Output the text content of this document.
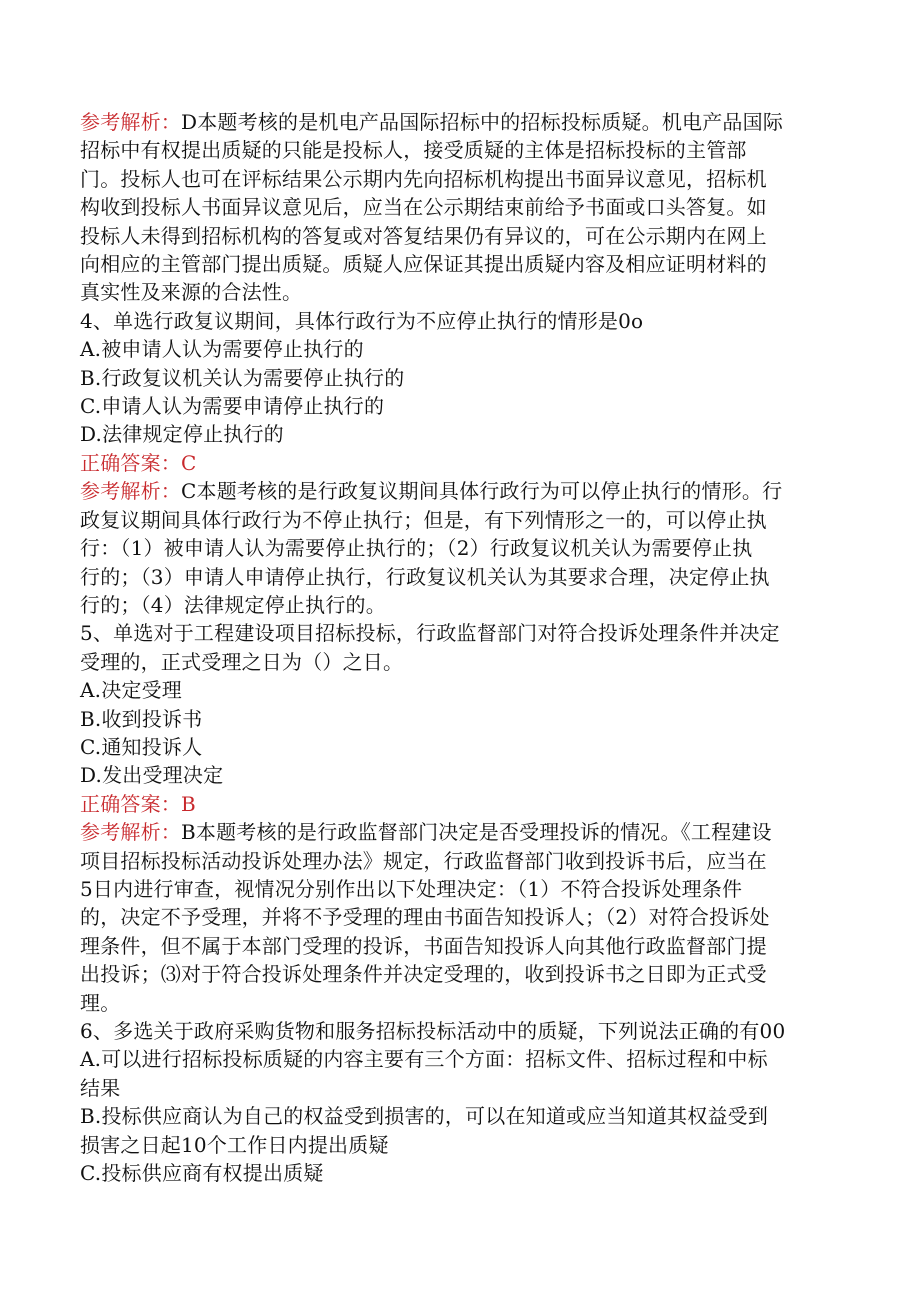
参考解析：D本题考核的是机电产品国际招标中的招标投标质疑。机电产品国际
招标中有权提出质疑的只能是投标人，接受质疑的主体是招标投标的主管部
门。投标人也可在评标结果公示期内先向招标机构提出书面异议意见，招标机
构收到投标人书面异议意见后，应当在公示期结束前给予书面或口头答复。如
投标人未得到招标机构的答复或对答复结果仍有异议的，可在公示期内在网上
向相应的主管部门提出质疑。质疑人应保证其提出质疑内容及相应证明材料的
真实性及来源的合法性。
4、单选行政复议期间，具体行政行为不应停止执行的情形是0o
A.被申请人认为需要停止执行的
B.行政复议机关认为需要停止执行的
C.申请人认为需要申请停止执行的
D.法律规定停止执行的
正确答案：C
参考解析：C本题考核的是行政复议期间具体行政行为可以停止执行的情形。行
政复议期间具体行政行为不停止执行；但是，有下列情形之一的，可以停止执
行：（1）被申请人认为需要停止执行的；（2）行政复议机关认为需要停止执
行的；（3）申请人申请停止执行，行政复议机关认为其要求合理，决定停止执
行的；（4）法律规定停止执行的。
5、单选对于工程建设项目招标投标，行政监督部门对符合投诉处理条件并决定
受理的，正式受理之日为（）之日。
A.决定受理
B.收到投诉书
C.通知投诉人
D.发出受理决定
正确答案：B
参考解析：B本题考核的是行政监督部门决定是否受理投诉的情况。《工程建设
项目招标投标活动投诉处理办法》规定，行政监督部门收到投诉书后，应当在
5日内进行审查，视情况分别作出以下处理决定：（1）不符合投诉处理条件
的，决定不予受理，并将不予受理的理由书面告知投诉人；（2）对符合投诉处
理条件，但不属于本部门受理的投诉，书面告知投诉人向其他行政监督部门提
出投诉；⑶对于符合投诉处理条件并决定受理的，收到投诉书之日即为正式受
理。
6、多选关于政府采购货物和服务招标投标活动中的质疑，下列说法正确的有00
A.可以进行招标投标质疑的内容主要有三个方面：招标文件、招标过程和中标
结果
B.投标供应商认为自己的权益受到损害的，可以在知道或应当知道其权益受到
损害之日起10个工作日内提出质疑
C.投标供应商有权提出质疑
